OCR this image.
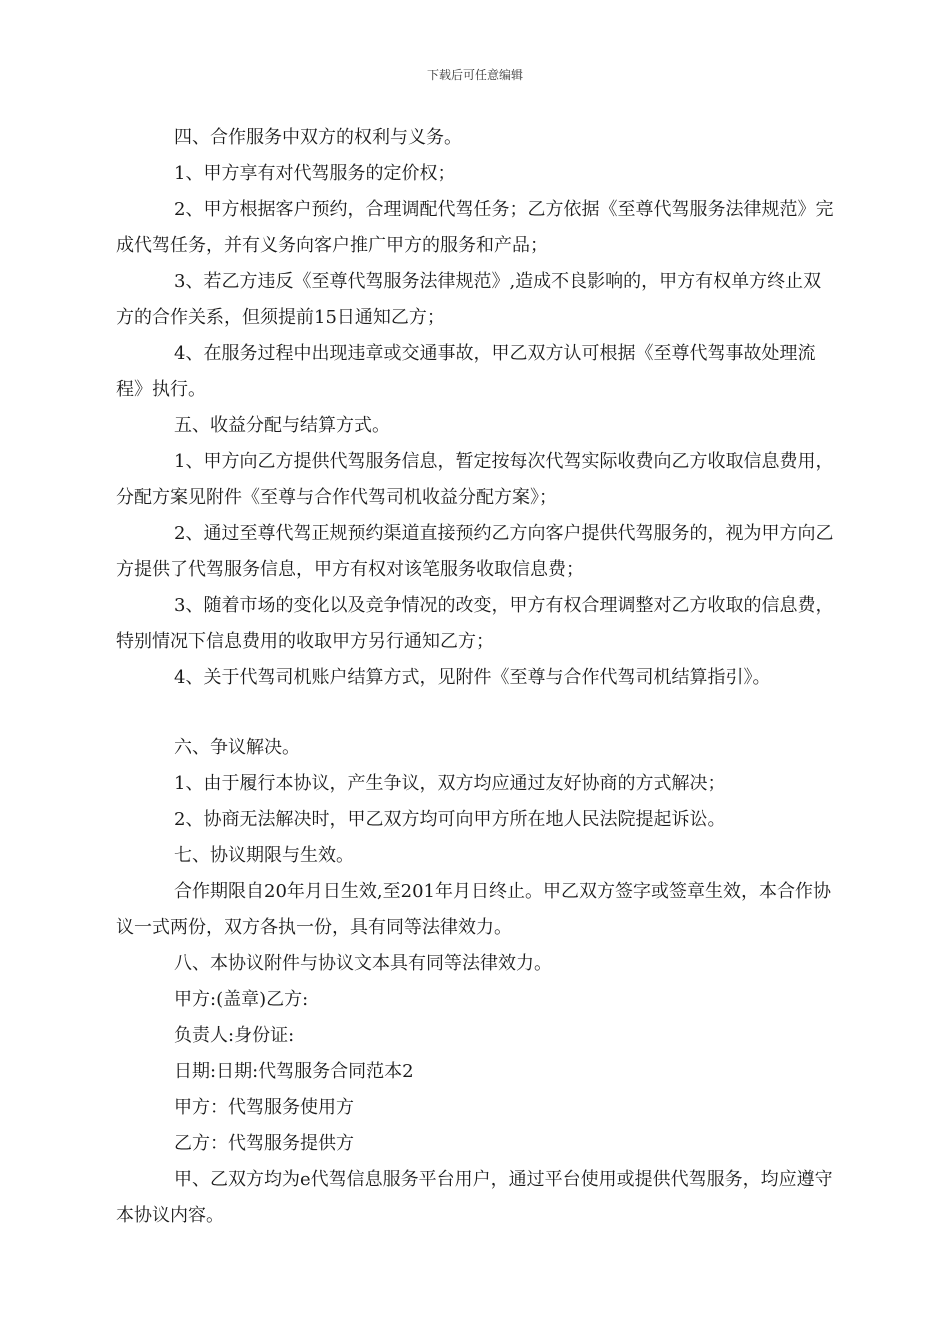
下载后可任意编辑

四、合作服务中双方的权利与义务。

1、甲方享有对代驾服务的定价权；

2、甲方根据客户预约，合理调配代驾任务；乙方依据《至尊代驾服务法律规范》完成代驾任务，并有义务向客户推广甲方的服务和产品；

3、若乙方违反《至尊代驾服务法律规范》,造成不良影响的，甲方有权单方终止双方的合作关系，但须提前15日通知乙方；

4、在服务过程中出现违章或交通事故，甲乙双方认可根据《至尊代驾事故处理流程》执行。

五、收益分配与结算方式。

1、甲方向乙方提供代驾服务信息，暂定按每次代驾实际收费向乙方收取信息费用，分配方案见附件《至尊与合作代驾司机收益分配方案》；

2、通过至尊代驾正规预约渠道直接预约乙方向客户提供代驾服务的，视为甲方向乙方提供了代驾服务信息，甲方有权对该笔服务收取信息费；

3、随着市场的变化以及竞争情况的改变，甲方有权合理调整对乙方收取的信息费，特别情况下信息费用的收取甲方另行通知乙方；

4、关于代驾司机账户结算方式，见附件《至尊与合作代驾司机结算指引》。

六、争议解决。

1、由于履行本协议，产生争议，双方均应通过友好协商的方式解决；

2、协商无法解决时，甲乙双方均可向甲方所在地人民法院提起诉讼。

七、协议期限与生效。

合作期限自20年月日生效,至201年月日终止。甲乙双方签字或签章生效，本合作协议一式两份，双方各执一份，具有同等法律效力。

八、本协议附件与协议文本具有同等法律效力。

甲方:(盖章)乙方:

负责人:身份证:

日期:日期:代驾服务合同范本2

甲方：代驾服务使用方

乙方：代驾服务提供方

甲、乙双方均为e代驾信息服务平台用户，通过平台使用或提供代驾服务，均应遵守本协议内容。
